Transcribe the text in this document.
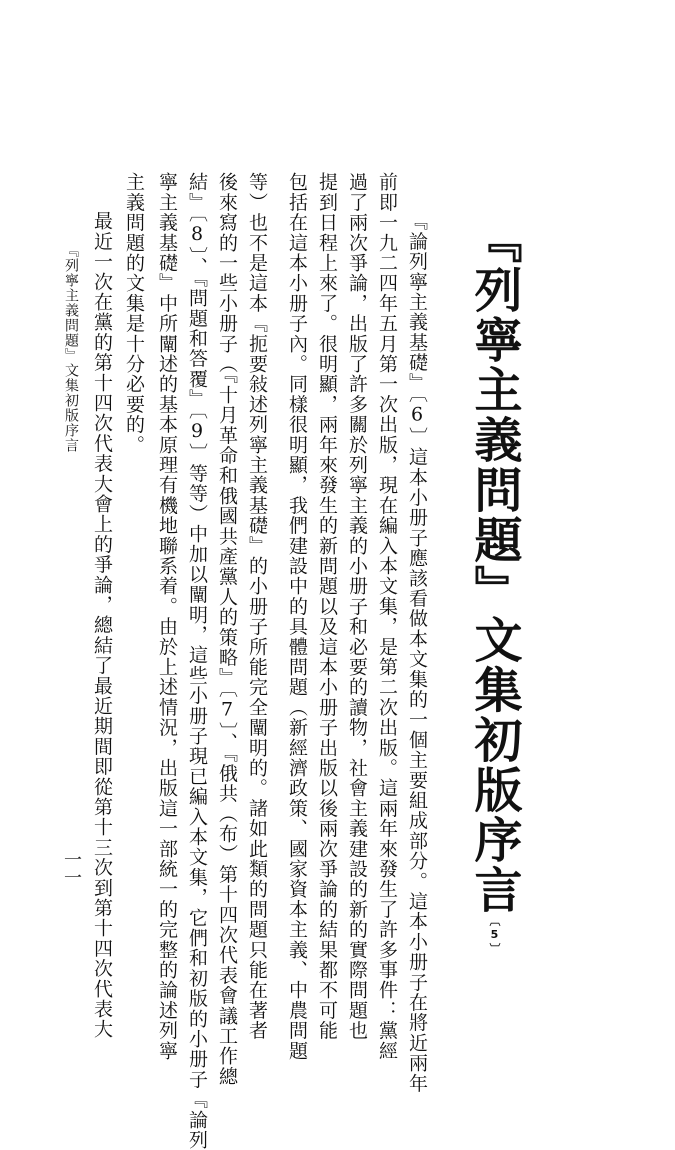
『列寧主義問題』文集初版序言〔5〕
『論列寧主義基礎』〔6〕這本小册子應該看做本文集的一個主要組成部分。這本小册子在將近兩年
前即一九二四年五月第一次出版，現在編入本文集，是第二次出版。這兩年來發生了許多事件：黨經
過了兩次爭論，出版了許多關於列寧主義的小册子和必要的讀物，社會主義建設的新的實際問題也
提到日程上來了。很明顯，兩年來發生的新問題以及這本小册子出版以後兩次爭論的結果都不可能
包括在這本小册子內。同樣很明顯，我們建設中的具體問題（新經濟政策、國家資本主義、中農問題
等）也不是這本『扼要敍述列寧主義基礎』的小册子所能完全闡明的。諸如此類的問題只能在著者
後來寫的一些小册子（『十月革命和俄國共產黨人的策略』〔7〕、『俄共（布）第十四次代表會議工作總
結』〔8〕、『問題和答覆』〔9〕等等）中加以闡明，這些小册子現已編入本文集，它們和初版的小册子『論列
寧主義基礎』中所闡述的基本原理有機地聯系着。由於上述情況，出版這一部統一的完整的論述列寧
主義問題的文集是十分必要的。
最近一次在黨的第十四次代表大會上的爭論，總結了最近期間即從第十三次到第十四次代表大
『列寧主義問題』文集初版序言
一一
